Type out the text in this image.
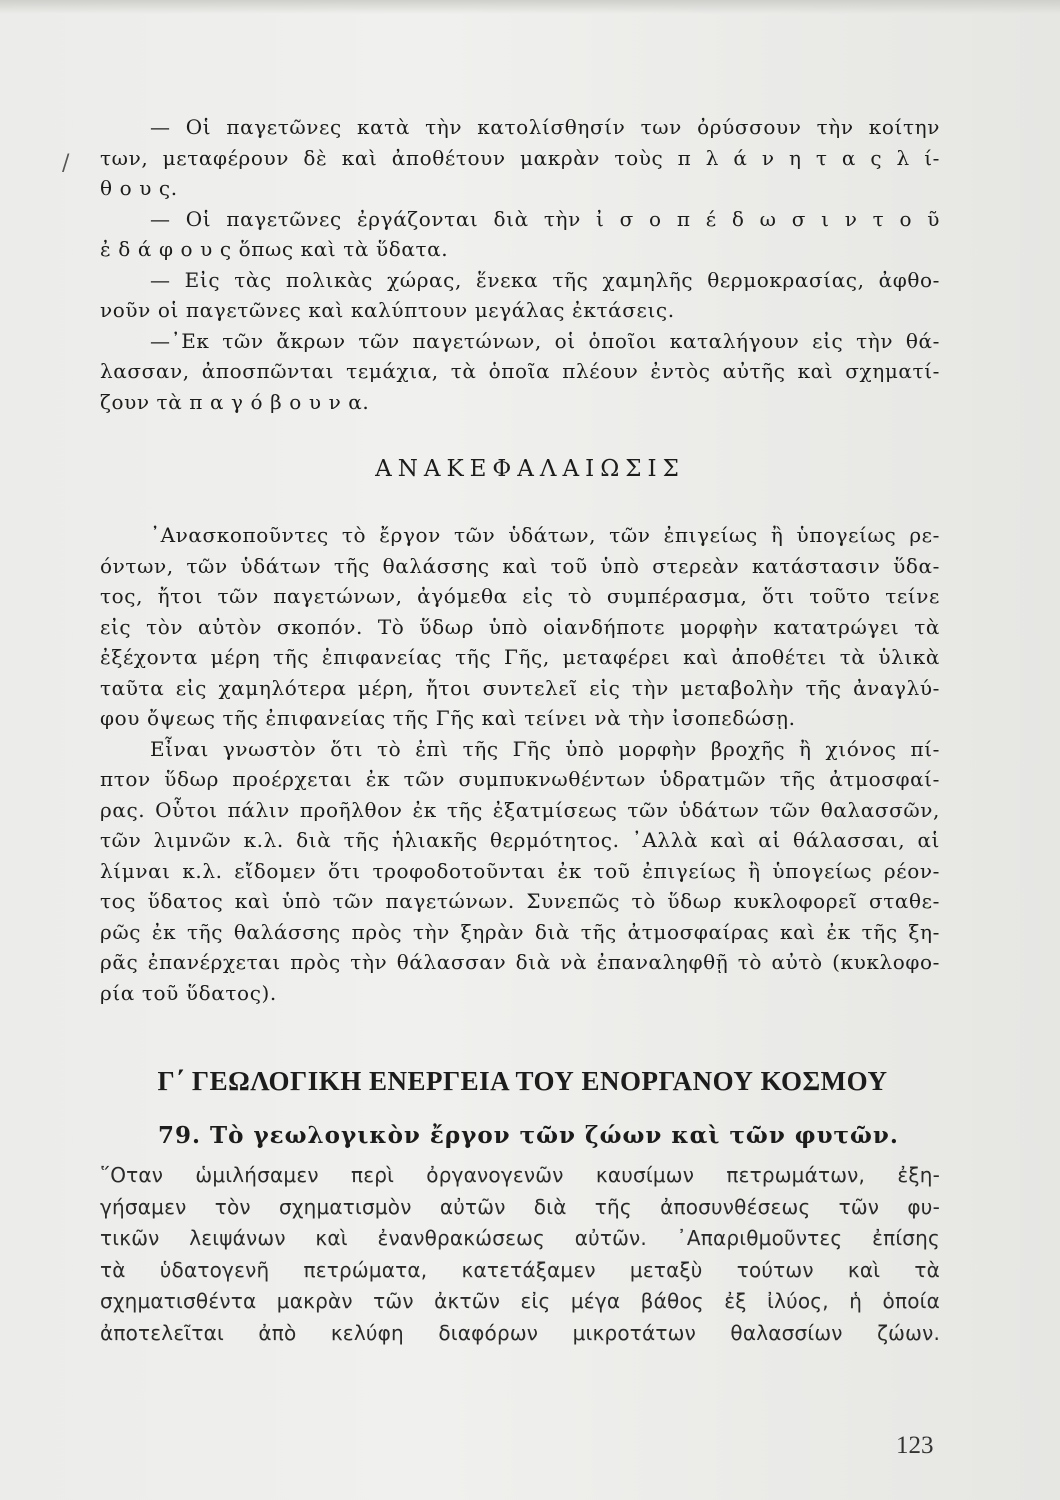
/
— Οἱ παγετῶνες κατὰ τὴν κατολίσθησίν των ὀρύσσουν τὴν κοίτην
των, μεταφέρουν δὲ καὶ ἀποθέτουν μακρὰν τοὺς π λ ά ν η τ α ς λ ί-
θ ο υ ς.
— Οἱ παγετῶνες ἐργάζονται διὰ τὴν ἰ σ ο π έ δ ω σ ι ν τ ο ῦ
ἐ δ ά φ ο υ ς ὅπως καὶ τὰ ὕδατα.
— Εἰς τὰς πολικὰς χώρας, ἕνεκα τῆς χαμηλῆς θερμοκρασίας, ἀφθο-
νοῦν οἱ παγετῶνες καὶ καλύπτουν μεγάλας ἐκτάσεις.
—᾿Εκ τῶν ἄκρων τῶν παγετώνων, οἱ ὁποῖοι καταλήγουν εἰς τὴν θά-
λασσαν, ἀποσπῶνται τεμάχια, τὰ ὁποῖα πλέουν ἐντὸς αὐτῆς καὶ σχηματί-
ζουν τὰ π α γ ό β ο υ ν α.
ΑΝΑΚΕΦΑΛΑΙΩΣΙΣ
᾿Ανασκοποῦντες τὸ ἔργον τῶν ὑδάτων, τῶν ἐπιγείως ἢ ὑπογείως ρε-
όντων, τῶν ὑδάτων τῆς θαλάσσης καὶ τοῦ ὑπὸ στερεὰν κατάστασιν ὕδα-
τος, ἤτοι τῶν παγετώνων, ἀγόμεθα εἰς τὸ συμπέρασμα, ὅτι τοῦτο τείνε
εἰς τὸν αὐτὸν σκοπόν. Τὸ ὕδωρ ὑπὸ οἱανδήποτε μορφὴν κατατρώγει τὰ
ἐξέχοντα μέρη τῆς ἐπιφανείας τῆς Γῆς, μεταφέρει καὶ ἀποθέτει τὰ ὑλικὰ
ταῦτα εἰς χαμηλότερα μέρη, ἤτοι συντελεῖ εἰς τὴν μεταβολὴν τῆς ἀναγλύ-
φου ὄψεως τῆς ἐπιφανείας τῆς Γῆς καὶ τείνει νὰ τὴν ἰσοπεδώσῃ.
Εἶναι γνωστὸν ὅτι τὸ ἐπὶ τῆς Γῆς ὑπὸ μορφὴν βροχῆς ἢ χιόνος πί-
πτον ὕδωρ προέρχεται ἐκ τῶν συμπυκνωθέντων ὑδρατμῶν τῆς ἀτμοσφαί-
ρας. Οὗτοι πάλιν προῆλθον ἐκ τῆς ἐξατμίσεως τῶν ὑδάτων τῶν θαλασσῶν,
τῶν λιμνῶν κ.λ. διὰ τῆς ἡλιακῆς θερμότητος. ᾿Αλλὰ καὶ αἱ θάλασσαι, αἱ
λίμναι κ.λ. εἴδομεν ὅτι τροφοδοτοῦνται ἐκ τοῦ ἐπιγείως ἢ ὑπογείως ρέον-
τος ὕδατος καὶ ὑπὸ τῶν παγετώνων. Συνεπῶς τὸ ὕδωρ κυκλοφορεῖ σταθε-
ρῶς ἐκ τῆς θαλάσσης πρὸς τὴν ξηρὰν διὰ τῆς ἀτμοσφαίρας καὶ ἐκ τῆς ξη-
ρᾶς ἐπανέρχεται πρὸς τὴν θάλασσαν διὰ νὰ ἐπαναληφθῇ τὸ αὐτὸ (κυκλοφο-
ρία τοῦ ὕδατος).
Γ΄ ΓΕΩΛΟΓΙΚΗ ΕΝΕΡΓΕΙΑ ΤΟΥ ΕΝΟΡΓΑΝΟΥ ΚΟΣΜΟΥ
79. Τὸ γεωλογικὸν ἔργον τῶν ζώων καὶ τῶν φυτῶν.
῞Οταν ὡμιλήσαμεν περὶ ὀργανογενῶν καυσίμων πετρωμάτων, ἐξη-
γήσαμεν τὸν σχηματισμὸν αὐτῶν διὰ τῆς ἀποσυνθέσεως τῶν φυ-
τικῶν λειψάνων καὶ ἐνανθρακώσεως αὐτῶν. ᾿Απαριθμοῦντες ἐπίσης
τὰ ὑδατογενῆ πετρώματα, κατετάξαμεν μεταξὺ τούτων καὶ τὰ
σχηματισθέντα μακρὰν τῶν ἀκτῶν εἰς μέγα βάθος ἐξ ἰλύος, ἡ ὁποία
ἀποτελεῖται ἀπὸ κελύφη διαφόρων μικροτάτων θαλασσίων ζώων.
123
